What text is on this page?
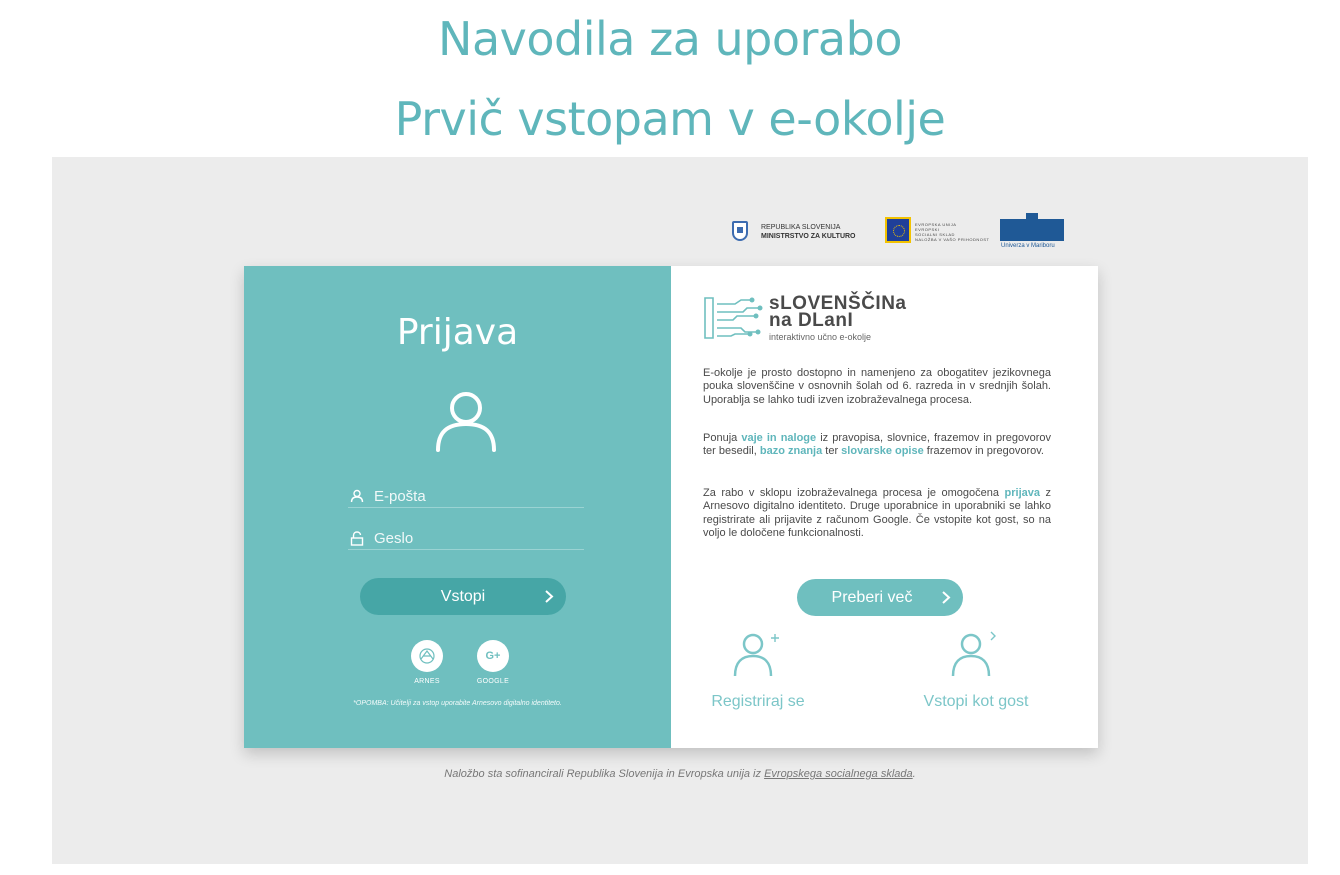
Navodila za uporabo
Prvič vstopam v e-okolje
REPUBLIKA SLOVENIJA
MINISTRSTVO ZA KULTURO
EVROPSKA UNIJA
EVROPSKI
SOCIALNI SKLAD
NALOŽBA V VAŠO PRIHODNOST
Univerza v Mariboru
Prijava
E-pošta
Vstopi
ARNES
G+
GOOGLE
*OPOMBA: Učitelji za vstop uporabite Arnesovo digitalno identiteto.
sLOVENŠČINa
na DLanI
interaktivno učno e-okolje

E-okolje je prosto dostopno in namenjeno za obogatitev jezikovnega pouka slovenščine v osnovnih šolah od 6. razreda in v srednjih šolah. Uporablja se lahko tudi izven izobraževalnega procesa.

Ponuja vaje in naloge iz pravopisa, slovnice, frazemov in pregovorov ter besedil, bazo znanja ter slovarske opise frazemov in pregovorov.

Za rabo v sklopu izobraževalnega procesa je omogočena prijava z Arnesovo digitalno identiteto. Druge uporabnice in uporabniki se lahko registrirate ali prijavite z računom Google. Če vstopite kot gost, so na voljo le določene funkcionalnosti.

Preberi več
Registriraj se	Vstopi kot gost
Naložbo sta sofinancirali Republika Slovenija in Evropska unija iz Evropskega socialnega sklada.
